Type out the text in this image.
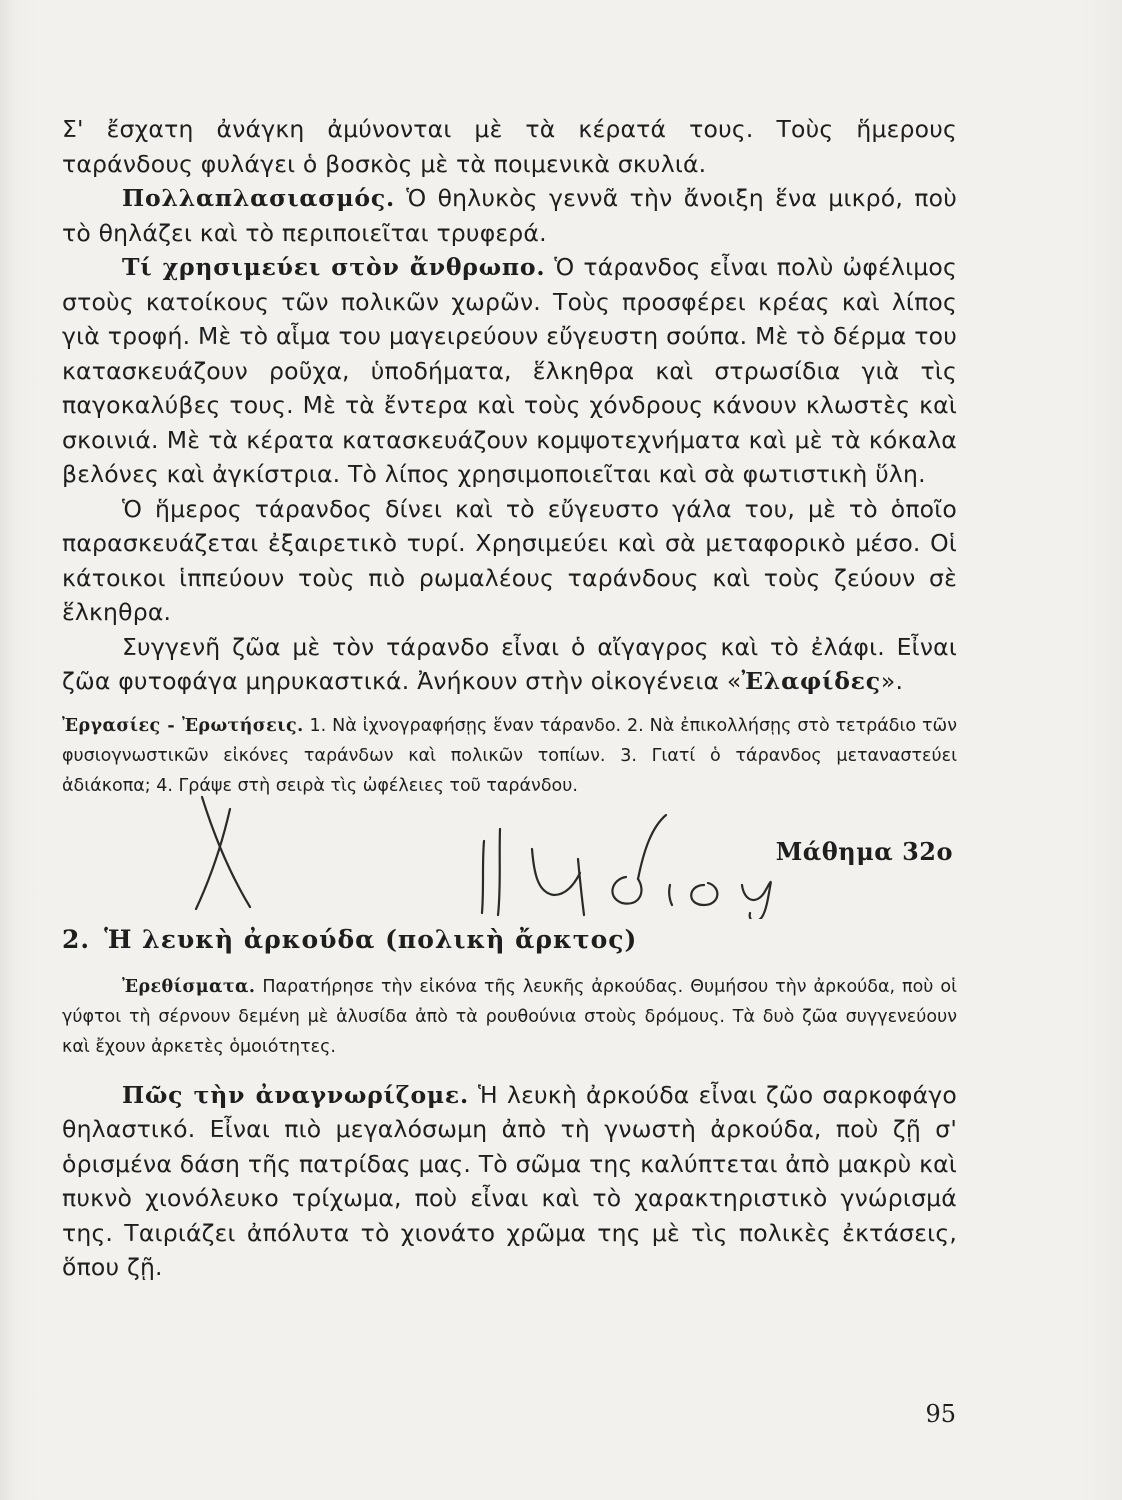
Σ' ἔσχατη ἀνάγκη ἀμύνονται μὲ τὰ κέρατά τους. Τοὺς ἥμερους ταράνδους φυλάγει ὁ βοσκὸς μὲ τὰ ποιμενικὰ σκυλιά.

Πολλαπλασιασμός. Ὁ θηλυκὸς γεννᾶ τὴν ἄνοιξη ἕνα μικρό, ποὺ τὸ θηλάζει καὶ τὸ περιποιεῖται τρυφερά.

Τί χρησιμεύει στὸν ἄνθρωπο. Ὁ τάρανδος εἶναι πολὺ ὠφέλιμος στοὺς κατοίκους τῶν πολικῶν χωρῶν. Τοὺς προσφέρει κρέας καὶ λίπος γιὰ τροφή. Μὲ τὸ αἷμα του μαγειρεύουν εὔγευστη σούπα. Μὲ τὸ δέρμα του κατασκευάζουν ροῦχα, ὑποδήματα, ἕλκηθρα καὶ στρωσίδια γιὰ τὶς παγοκαλύβες τους. Μὲ τὰ ἔντερα καὶ τοὺς χόνδρους κάνουν κλωστὲς καὶ σκοινιά. Μὲ τὰ κέρατα κατασκευάζουν κομψοτεχνήματα καὶ μὲ τὰ κόκαλα βελόνες καὶ ἀγκίστρια. Τὸ λίπος χρησιμοποιεῖται καὶ σὰ φωτιστικὴ ὕλη.

Ὁ ἥμερος τάρανδος δίνει καὶ τὸ εὔγευστο γάλα του, μὲ τὸ ὁποῖο παρασκευάζεται ἐξαιρετικὸ τυρί. Χρησιμεύει καὶ σὰ μεταφορικὸ μέσο. Οἱ κάτοικοι ἱππεύουν τοὺς πιὸ ρωμαλέους ταράνδους καὶ τοὺς ζεύουν σὲ ἕλκηθρα.

Συγγενῆ ζῶα μὲ τὸν τάρανδο εἶναι ὁ αἴγαγρος καὶ τὸ ἐλάφι. Εἶναι ζῶα φυτοφάγα μηρυκαστικά. Ἀνήκουν στὴν οἰκογένεια «Ἐλαφίδες».

Ἐργασίες - Ἐρωτήσεις. 1. Νὰ ἰχνογραφήσῃς ἕναν τάρανδο. 2. Νὰ ἐπικολλήσῃς στὸ τετράδιο τῶν φυσιογνωστικῶν εἰκόνες ταράνδων καὶ πολικῶν τοπίων. 3. Γιατί ὁ τάρανδος μεταναστεύει ἀδιάκοπα; 4. Γράψε στὴ σειρὰ τὶς ὠφέλειες τοῦ ταράνδου.

Μάθημα 32ο
2. Ἡ λευκὴ ἀρκούδα (πολικὴ ἄρκτος)

Ἐρεθίσματα. Παρατήρησε τὴν εἰκόνα τῆς λευκῆς ἀρκούδας. Θυμήσου τὴν ἀρκούδα, ποὺ οἱ γύφτοι τὴ σέρνουν δεμένη μὲ ἁλυσίδα ἀπὸ τὰ ρουθούνια στοὺς δρόμους. Τὰ δυὸ ζῶα συγγενεύουν καὶ ἔχουν ἀρκετὲς ὁμοιότητες.

Πῶς τὴν ἀναγνωρίζομε. Ἡ λευκὴ ἀρκούδα εἶναι ζῶο σαρκοφάγο θηλαστικό. Εἶναι πιὸ μεγαλόσωμη ἀπὸ τὴ γνωστὴ ἀρκούδα, ποὺ ζῇ σ' ὁρισμένα δάση τῆς πατρίδας μας. Τὸ σῶμα της καλύπτεται ἀπὸ μακρὺ καὶ πυκνὸ χιονόλευκο τρίχωμα, ποὺ εἶναι καὶ τὸ χαρακτηριστικὸ γνώρισμά της. Ταιριάζει ἀπόλυτα τὸ χιονάτο χρῶμα της μὲ τὶς πολικὲς ἐκτάσεις, ὅπου ζῇ.

95
